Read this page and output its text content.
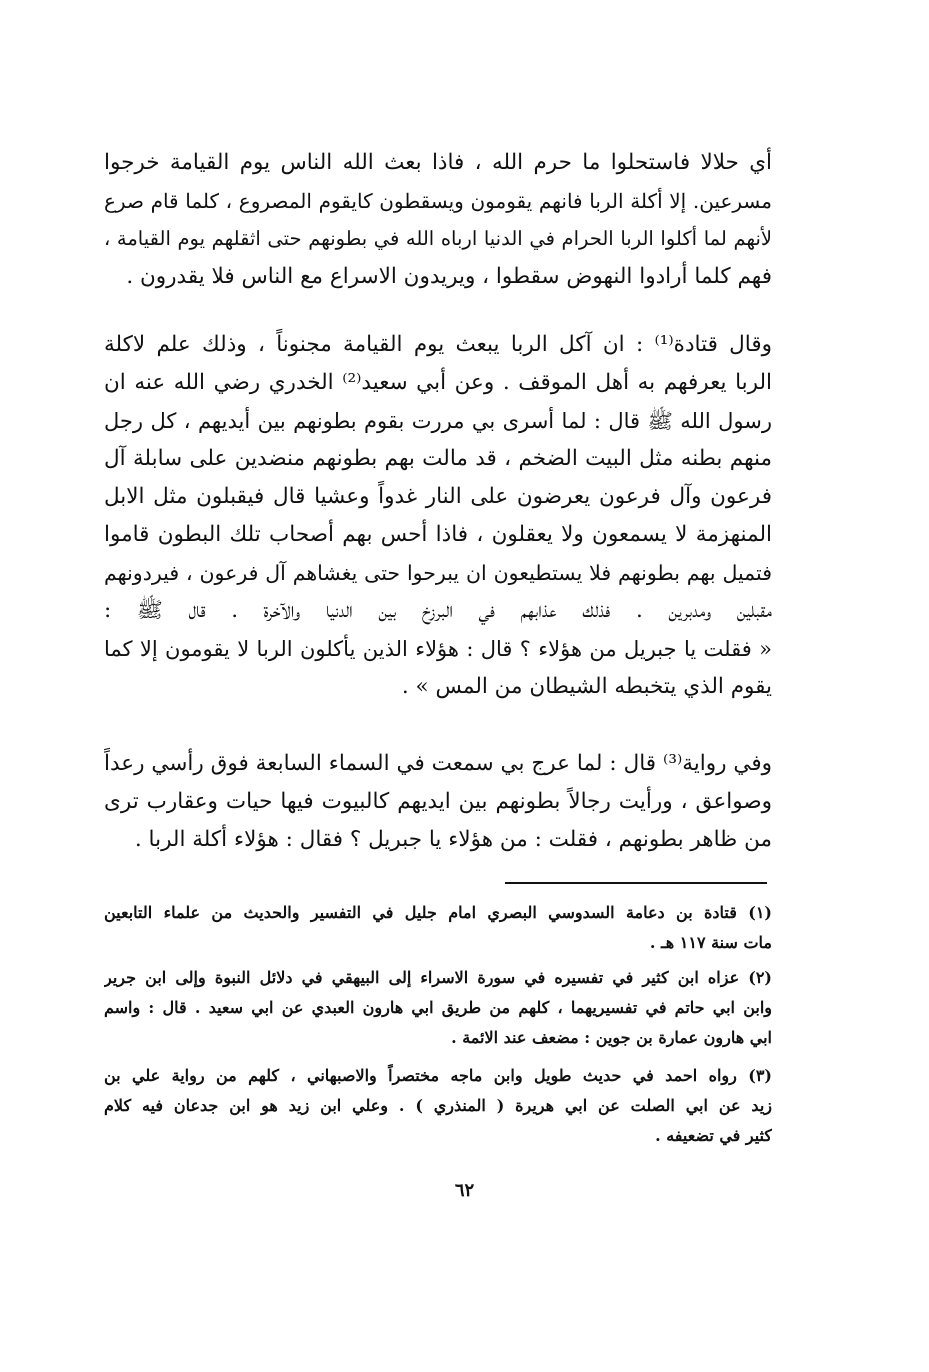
أي حلالا فاستحلوا ما حرم الله ، فاذا بعث الله الناس يوم القيامة خرجوا
مسرعين. إلا أكلة الربا فانهم يقومون ويسقطون كايقوم المصروع ، كلما قام صرع
لأنهم لما أكلوا الربا الحرام في الدنيا ارباه الله في بطونهم حتى اثقلهم يوم القيامة ،
فهم كلما أرادوا النهوض سقطوا ، ويريدون الاسراع مع الناس فلا يقدرون .
وقال قتادة⁽¹⁾ : ان آكل الربا يبعث يوم القيامة مجنوناً ، وذلك علم لاكلة
الربا يعرفهم به أهل الموقف . وعن أبي سعيد⁽²⁾ الخدري رضي الله عنه ان
رسول الله ﷺ قال : لما أسرى بي مررت بقوم بطونهم بين أيديهم ، كل رجل
منهم بطنه مثل البيت الضخم ، قد مالت بهم بطونهم منضدين على سابلة آل
فرعون وآل فرعون يعرضون على النار غدواً وعشيا قال فيقبلون مثل الابل
المنهزمة لا يسمعون ولا يعقلون ، فاذا أحس بهم أصحاب تلك البطون قاموا
فتميل بهم بطونهم فلا يستطيعون ان يبرحوا حتى يغشاهم آل فرعون ، فيردونهم
مقبلين ومدبرين . فذلك عذابهم في البرزخ بين الدنيا والآخرة . قال ﷺ :
« فقلت يا جبريل من هؤلاء ؟ قال : هؤلاء الذين يأكلون الربا لا يقومون إلا كما
يقوم الذي يتخبطه الشيطان من المس » .
وفي رواية⁽³⁾ قال : لما عرج بي سمعت في السماء السابعة فوق رأسي رعداً
وصواعق ، ورأيت رجالاً بطونهم بين ايديهم كالبيوت فيها حيات وعقارب ترى
من ظاهر بطونهم ، فقلت : من هؤلاء يا جبريل ؟ فقال : هؤلاء أكلة الربا .
(١) قتادة بن دعامة السدوسي البصري امام جليل في التفسير والحديث من علماء التابعين
مات سنة ١١٧ هـ .
(٢) عزاه ابن كثير في تفسيره في سورة الاسراء إلى البيهقي في دلائل النبوة وإلى ابن جرير
وابن ابي حاتم في تفسيريهما ، كلهم من طريق ابي هارون العبدي عن ابي سعيد . قال : واسم
ابي هارون عمارة بن جوين : مضعف عند الائمة .
(٣) رواه احمد في حديث طويل وابن ماجه مختصراً والاصبهاني ، كلهم من رواية علي بن
زيد عن ابي الصلت عن ابي هريرة ( المنذري ) . وعلي ابن زيد هو ابن جدعان فيه كلام
كثير في تضعيفه .
٦٢
